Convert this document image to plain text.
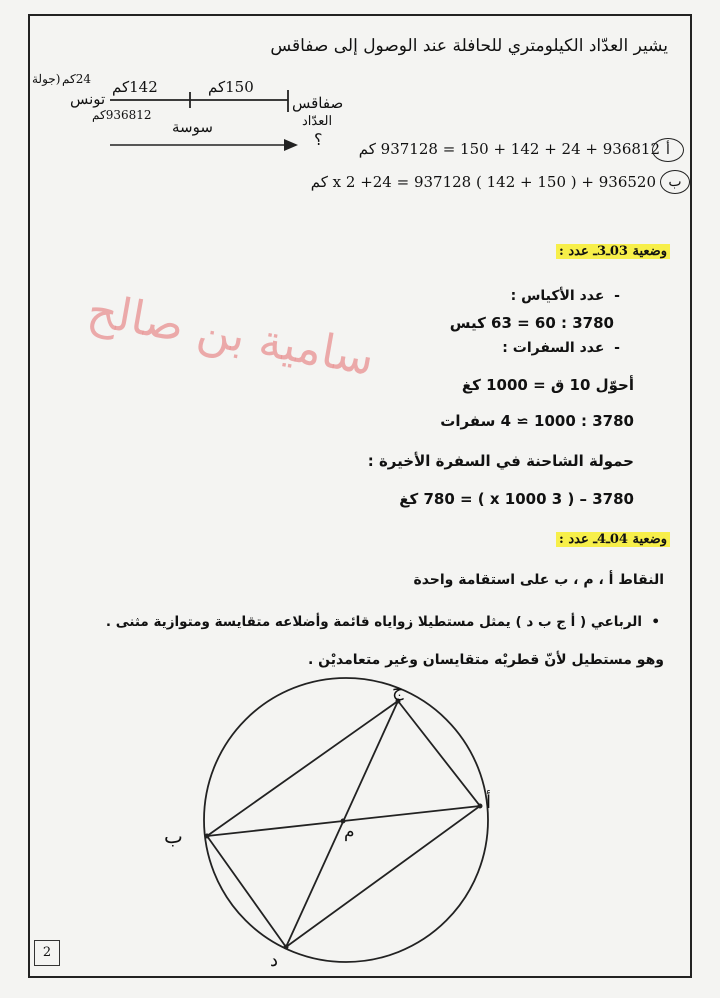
يشير العدّاد الكيلومتري للحافلة عند الوصول إلى صفاقس
142كم	150كم
24كم
(جولة
تونس
سوسة
صفاقس
العدّاد
؟
936812كم
936812 + 24 + 142 + 150 = 937128 كم أ
936520 + ( 150 + 142 ) x 2 +24 = 937128 كم ب
وضعية 03ـ3ـ عدد :
-  عدد الأكياس :
3780 : 60 = 63 كيس
-  عدد السفرات :
أحوّل 10 ق = 1000 كغ
3780 : 1000 ≃ 4 سفرات
حمولة الشاحنة في السفرة الأخيرة :
3780 – ( 3 x 1000 ) = 780 كغ
سامية بن صالح
وضعية 04ـ4ـ عدد :
النقاط أ ، م ، ب على استقامة واحدة
•  الرباعي ( أ ج ب د ) يمثل مستطيلا زواياه قائمة وأضلاعه متقايسة ومتوازية مثنى .
وهو مستطيل لأنّ قطريْه متقايسان وغير متعامديْن .
ج
أ
ب	م
د
2
